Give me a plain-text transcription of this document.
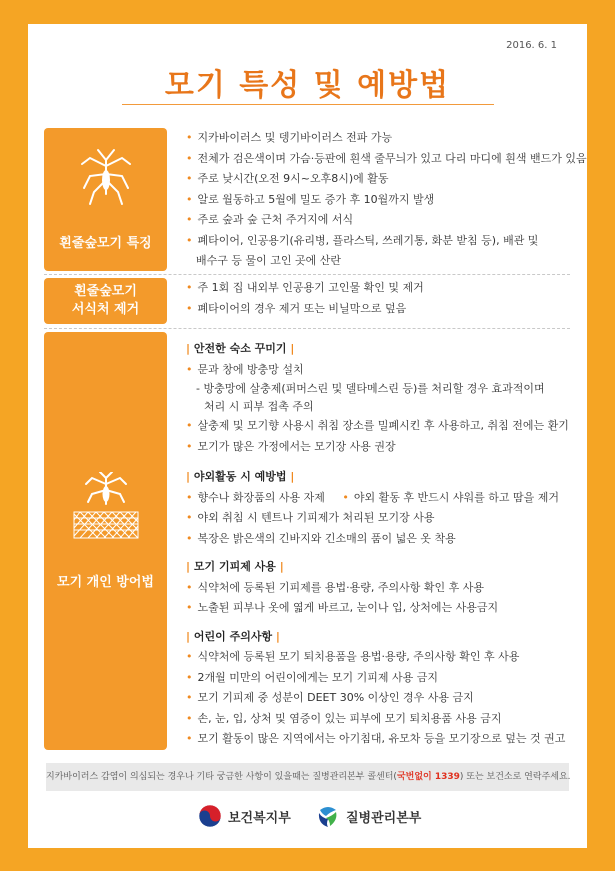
2016. 6. 1
모기 특성 및 예방법
흰줄숲모기 특징
• 지카바이러스 및 뎅기바이러스 전파 가능
• 전체가 검은색이며 가슴·등판에 흰색 줄무늬가 있고 다리 마디에 흰색 밴드가 있음
• 주로 낮시간(오전 9시~오후8시)에 활동
• 알로 월동하고 5월에 밀도 증가 후 10월까지 발생
• 주로 숲과 숲 근처 주거지에 서식
• 폐타이어, 인공용기(유리병, 플라스틱, 쓰레기통, 화분 받침 등), 배관 및
배수구 등 물이 고인 곳에 산란
흰줄숲모기
서식처 제거
• 주 1회 집 내외부 인공용기 고인물 확인 및 제거
• 폐타이어의 경우 제거 또는 비닐막으로 덮음
모기 개인 방어법
| 안전한 숙소 꾸미기 |
• 문과 창에 방충망 설치
- 방충망에 살충제(퍼머스린 및 델타메스린 등)를 처리할 경우 효과적이며
처리 시 피부 접촉 주의
• 살충제 및 모기향 사용시 취침 장소를 밀폐시킨 후 사용하고, 취침 전에는 환기
• 모기가 많은 가정에서는 모기장 사용 권장
| 야외활동 시 예방법 |
• 향수나 화장품의 사용 자제 •	야외 활동 후 반드시 샤워를 하고 땀을 제거
• 야외 취침 시 텐트나 기피제가 처리된 모기장 사용
• 복장은 밝은색의 긴바지와 긴소매의 품이 넓은 옷 착용
| 모기 기피제 사용 |
• 식약처에 등록된 기피제를 용법·용량, 주의사항 확인 후 사용
• 노출된 피부나 옷에 엷게 바르고, 눈이나 입, 상처에는 사용금지
| 어린이 주의사항 |
• 식약처에 등록된 모기 퇴치용품을 용법·용량, 주의사항 확인 후 사용
• 2개월 미만의 어린이에게는 모기 기피제 사용 금지
• 모기 기피제 중 성분이 DEET 30% 이상인 경우 사용 금지
• 손, 눈, 입, 상처 및 염증이 있는 피부에 모기 퇴치용품 사용 금지
• 모기 활동이 많은 지역에서는 아기침대, 유모차 등을 모기장으로 덮는 것 권고
지카바이러스 감염이 의심되는 경우나 기타 궁금한 사항이 있을때는 질병관리본부 콜센터(국번없이 1339) 또는 보건소로 연락주세요.
보건복지부	질병관리본부
